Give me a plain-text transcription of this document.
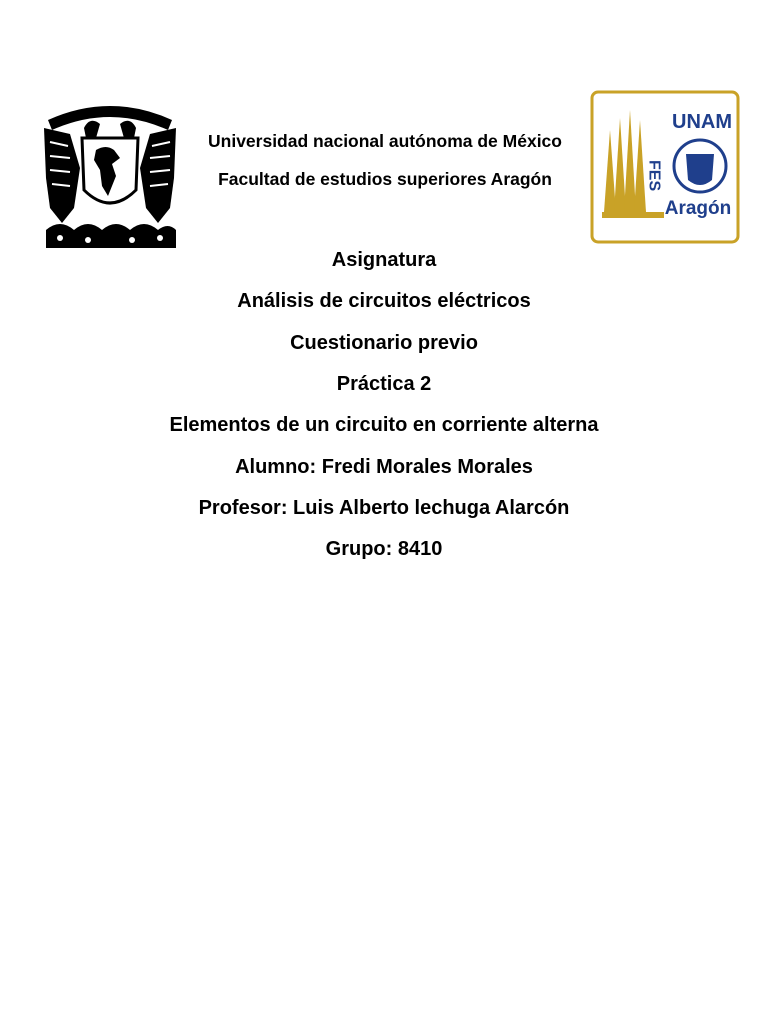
UNAM
FES
Aragón
Universidad nacional autónoma de México
Facultad de estudios superiores Aragón
Asignatura
Análisis de circuitos eléctricos
Cuestionario previo
Práctica 2
Elementos de un circuito en corriente alterna
Alumno: Fredi Morales Morales
Profesor: Luis Alberto lechuga Alarcón
Grupo: 8410
